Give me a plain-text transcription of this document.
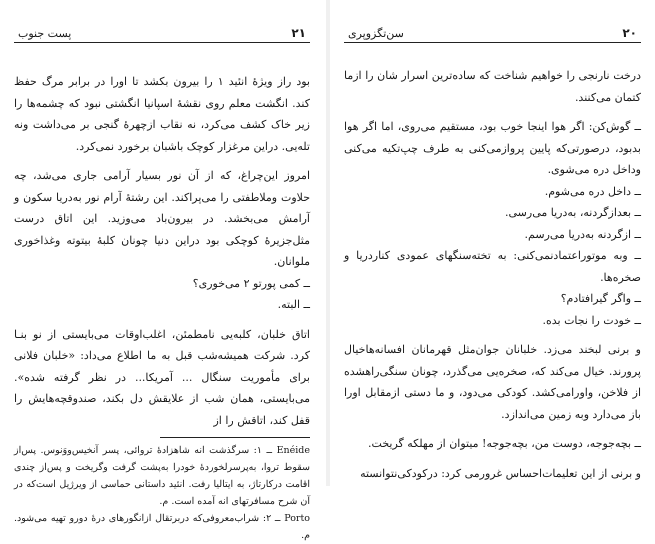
۲۱
پست جنوب

بود راز ویژهٔ انئید ۱ را بیرون بکشد تا اورا در برابر مرگ حفظ کند. انگشت معلم روی نقشهٔ اسپانیا انگشتی نبود که چشمه‌ها را زیر خاک کشف می‌کرد، نه نقاب ازچهرهٔ گنجی بر می‌داشت ونه تله‌یی. دراین مرغزار کوچک باشبان برخورد نمی‌کرد.

امروز این‌چراغ، که از آن نور بسیار آرامی جاری می‌شد، چه حلاوت وملاطفتی را می‌پراکند. این رشتهٔ آرام نور به‌دریا سکون و آرامش می‌بخشد. در بیرون‌باد می‌وزید. این اتاق درست مثل‌جزیرهٔ کوچکی بود دراین دنیا چونان کلبهٔ بیتوته وغذاخوری ملوانان.

ــ کمی پورتو ۲ می‌خوری؟

ــ البته.

اتاق خلبان، کلبه‌یی نامطمئن، اغلب‌اوقات می‌بایستی از نو بنـا کرد. شرکت همیشه‌شب قبل به ما اطلاع می‌داد: «خلبان فلانی برای مأموریت سنگال ... آمریکا... در نظر گرفته شده». می‌بایستی، همان شب از علایقش دل بکند، صندوقچه‌هایش را قفل کند، اتاقش را از

Enéide ــ ۱: سرگذشت انه شاهزادهٔ تروائی، پسر آنخیس‌ووَنوس. پس‌از سقوط تروا، به‌پرسرلخوردهٔ خودرا به‌پشت گرفت وگریخت و پس‌از چندی اقامت درکارتاژ، به ایتالیا رفت. انئید داستانی حماسی از ویرژیل است‌که در آن شرح مسافرتهای انه آمده است. م.

Porto ــ ۲: شراب‌معروفی‌که دربرتقال ازانگورهای درهٔ دورو تهیه می‌شود. م.

۲۰
سن‌تگزوپری

درخت نارنجی را خواهیم شناخت که ساده‌ترین اسرار شان را ازما کتمان می‌کنند.

ــ گوش‌کن: اگر هوا اینجا خوب بود، مستقیم می‌روی، اما اگر هوا بدبود، درصورتی‌که پایین پروازمی‌کنی به طرف چپ‌تکیه می‌کنی وداخل دره می‌شوی.

ــ داخل دره می‌شوم.

ــ بعدازگردنه، به‌دریا می‌رسی.

ــ ازگردنه به‌دریا می‌رسم.

ــ وبه موتوراعتمادنمی‌کنی: به تخته‌سنگهای عمودی کناردریا و صخره‌ها.

ــ واگر گیرافتادم؟

ــ خودت را نجات بده.

و برنی لبخند می‌زد. خلبانان جوان‌مثل قهرمانان افسانه‌هاخیال پرورند. خیال می‌کند که، صخره‌یی می‌گذرد، چونان سنگی‌راهشده از فلاخن، واورامی‌کشد. کودکی می‌دود، و ما دستی ازمقابل اورا باز می‌دارد وبه زمین می‌اندازد.

ــ بچه‌جوجه، دوست من، بچه‌جوجه! میتوان از مهلکه گریخت.

و برنی از این تعلیمات‌احساس غرورمی کرد: درکودکی‌نتوانسته
